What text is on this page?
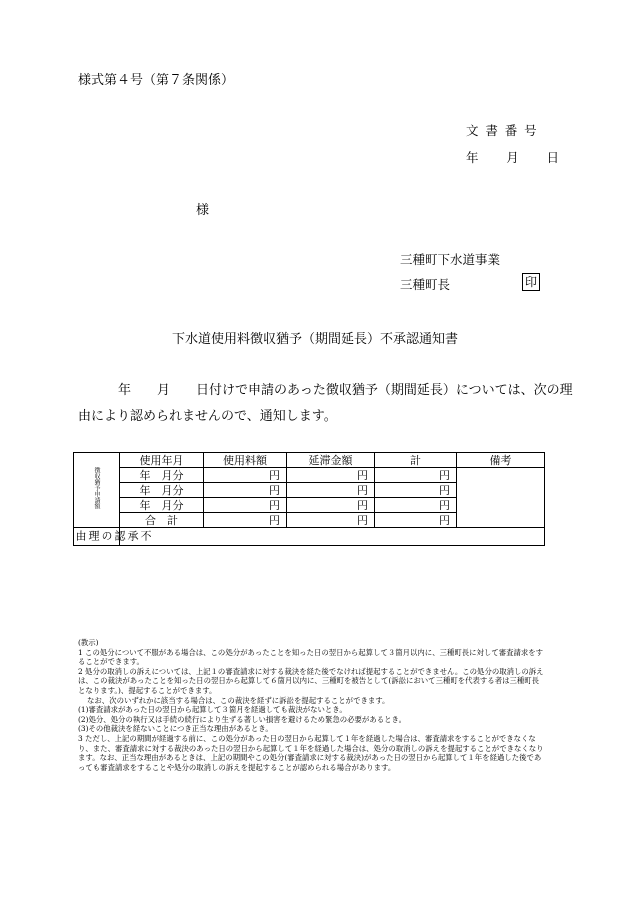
様式第４号（第７条関係）
文書番号
年 月 日
様
三種町下水道事業
三種町長	印
下水道使用料徴収猶予（期間延長）不承認通知書
年　　月　　日付けで申請のあった徴収猶予（期間延長）については、次の理
由により認められませんので、通知します。
徴収猶予申請額	使用年月	使用料額	延滞金額	計	備考
	年　月分	円	円	円	
	年　月分	円	円	円	
	年　月分	円	円	円	
	合　計	円	円	円	
不承認の理由					

(教示)

1 この処分について不服がある場合は、この処分があったことを知った日の翌日から起算して３箇月以内に、三種町長に対して審査請求をすることができます。

2 処分の取消しの訴えについては、上記１の審査請求に対する裁決を経た後でなければ提起することができません。この処分の取消しの訴えは、この裁決があったことを知った日の翌日から起算して６箇月以内に、三種町を被告として(訴訟において三種町を代表する者は三種町長となります。)、提起することができます。

なお、次のいずれかに該当する場合は、この裁決を経ずに訴訟を提起することができます。

(1)審査請求があった日の翌日から起算して３箇月を経過しても裁決がないとき。

(2)処分、処分の執行又は手続の続行により生ずる著しい損害を避けるため緊急の必要があるとき。

(3)その他裁決を経ないことにつき正当な理由があるとき。

3 ただし、上記の期間が経過する前に、この処分があった日の翌日から起算して１年を経過した場合は、審査請求をすることができなくなり、また、審査請求に対する裁決のあった日の翌日から起算して１年を経過した場合は、処分の取消しの訴えを提起することができなくなります。なお、正当な理由があるときは、上記の期間やこの処分(審査請求に対する裁決)があった日の翌日から起算して１年を経過した後であっても審査請求をすることや処分の取消しの訴えを提起することが認められる場合があります。
